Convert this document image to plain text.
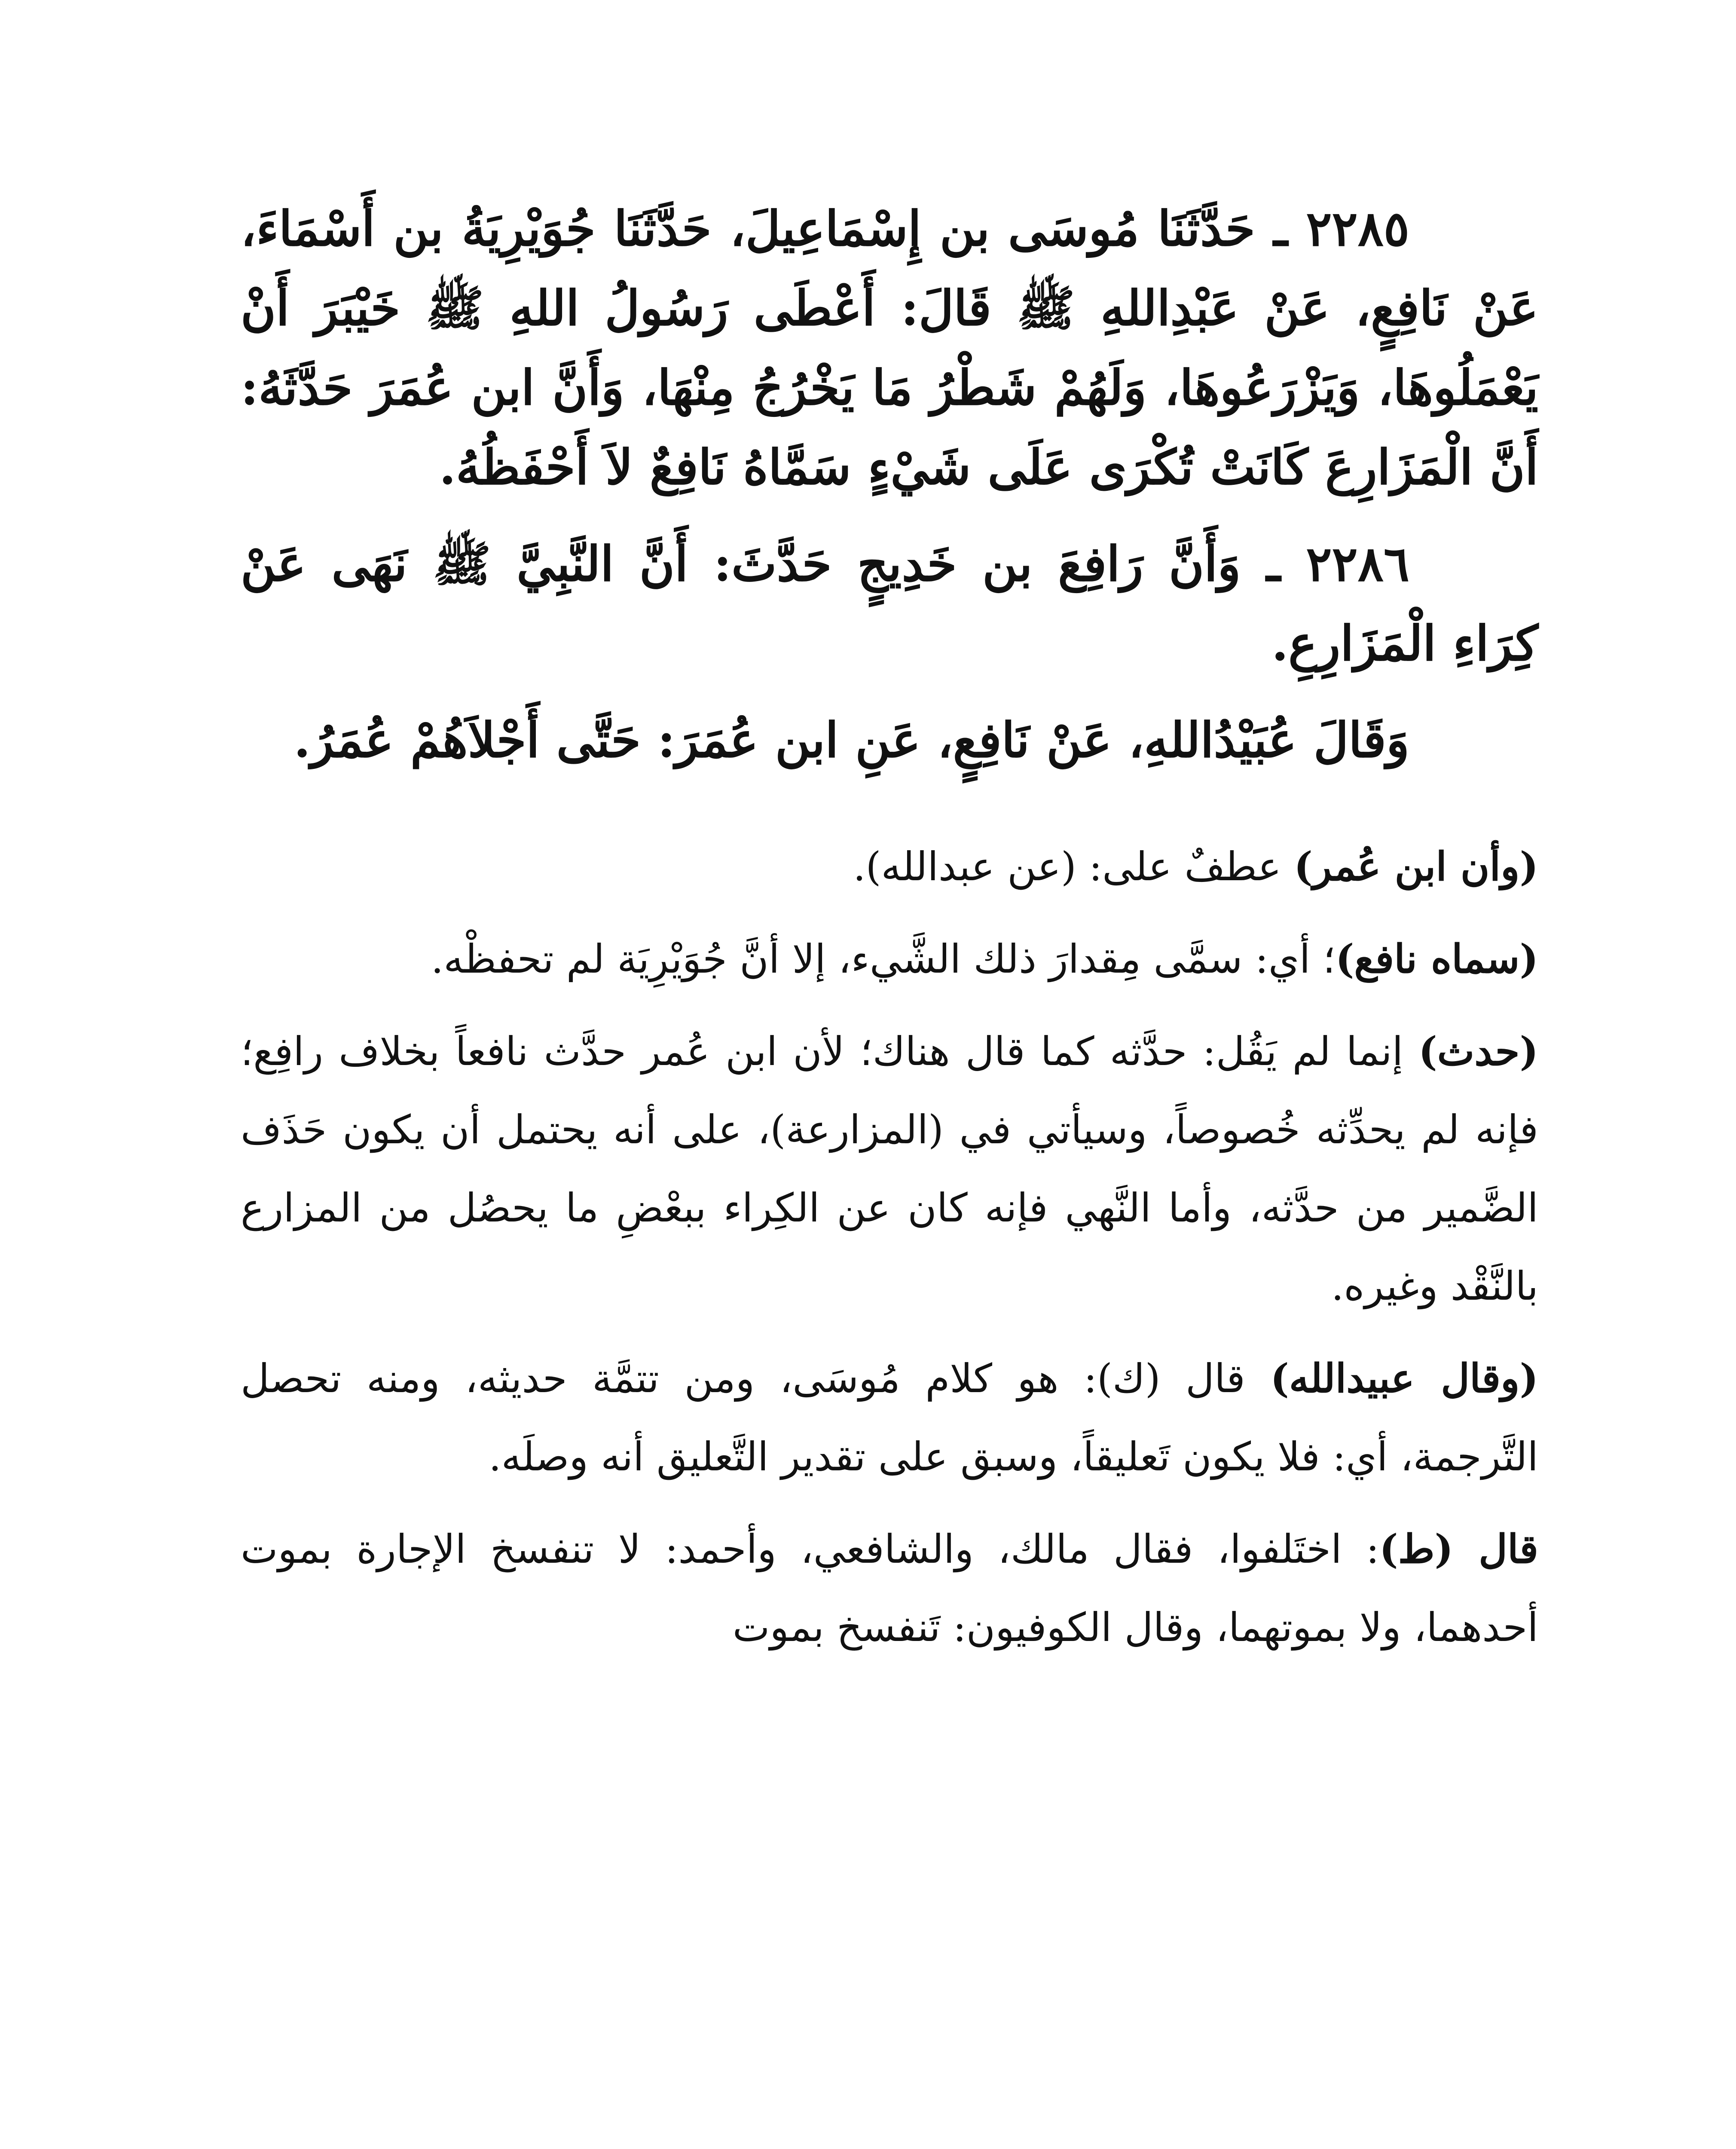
٢٢٨٥ ـ حَدَّثَنَا مُوسَى بن إِسْمَاعِيلَ، حَدَّثَنَا جُوَيْرِيَةُ بن أَسْمَاءَ، عَنْ نَافِعٍ، عَنْ عَبْدِاللهِ ﷺ قَالَ: أَعْطَى رَسُولُ اللهِ ﷺ خَيْبَرَ أَنْ يَعْمَلُوهَا، وَيَزْرَعُوهَا، وَلَهُمْ شَطْرُ مَا يَخْرُجُ مِنْهَا، وَأَنَّ ابن عُمَرَ حَدَّثَهُ: أَنَّ الْمَزَارِعَ كَانَتْ تُكْرَى عَلَى شَيْءٍ سَمَّاهُ نَافِعٌ لاَ أَحْفَظُهُ.

٢٢٨٦ ـ وَأَنَّ رَافِعَ بن خَدِيجٍ حَدَّثَ: أَنَّ النَّبِيَّ ﷺ نَهَى عَنْ كِرَاءِ الْمَزَارِعِ.

وَقَالَ عُبَيْدُاللهِ، عَنْ نَافِعٍ، عَنِ ابن عُمَرَ: حَتَّى أَجْلاَهُمْ عُمَرُ.

(وأن ابن عُمر) عطفٌ على: (عن عبدالله).

(سماه نافع)؛ أي: سمَّى مِقدارَ ذلك الشَّيء، إلا أنَّ جُوَيْرِيَة لم تحفظْه.

(حدث) إنما لم يَقُل: حدَّثه كما قال هناك؛ لأن ابن عُمر حدَّث نافعاً بخلاف رافِع؛ فإنه لم يحدِّثه خُصوصاً، وسيأتي في (المزارعة)، على أنه يحتمل أن يكون حَذَف الضَّمير من حدَّثه، وأما النَّهي فإنه كان عن الكِراء ببعْضِ ما يحصُل من المزارع بالنَّقْد وغيره.

(وقال عبيدالله) قال (ك): هو كلام مُوسَى، ومن تتمَّة حديثه، ومنه تحصل التَّرجمة، أي: فلا يكون تَعليقاً، وسبق على تقدير التَّعليق أنه وصلَه.

قال (ط): اختَلفوا، فقال مالك، والشافعي، وأحمد: لا تنفسخ الإجارة بموت أحدهما، ولا بموتهما، وقال الكوفيون: تَنفسخ بموت
